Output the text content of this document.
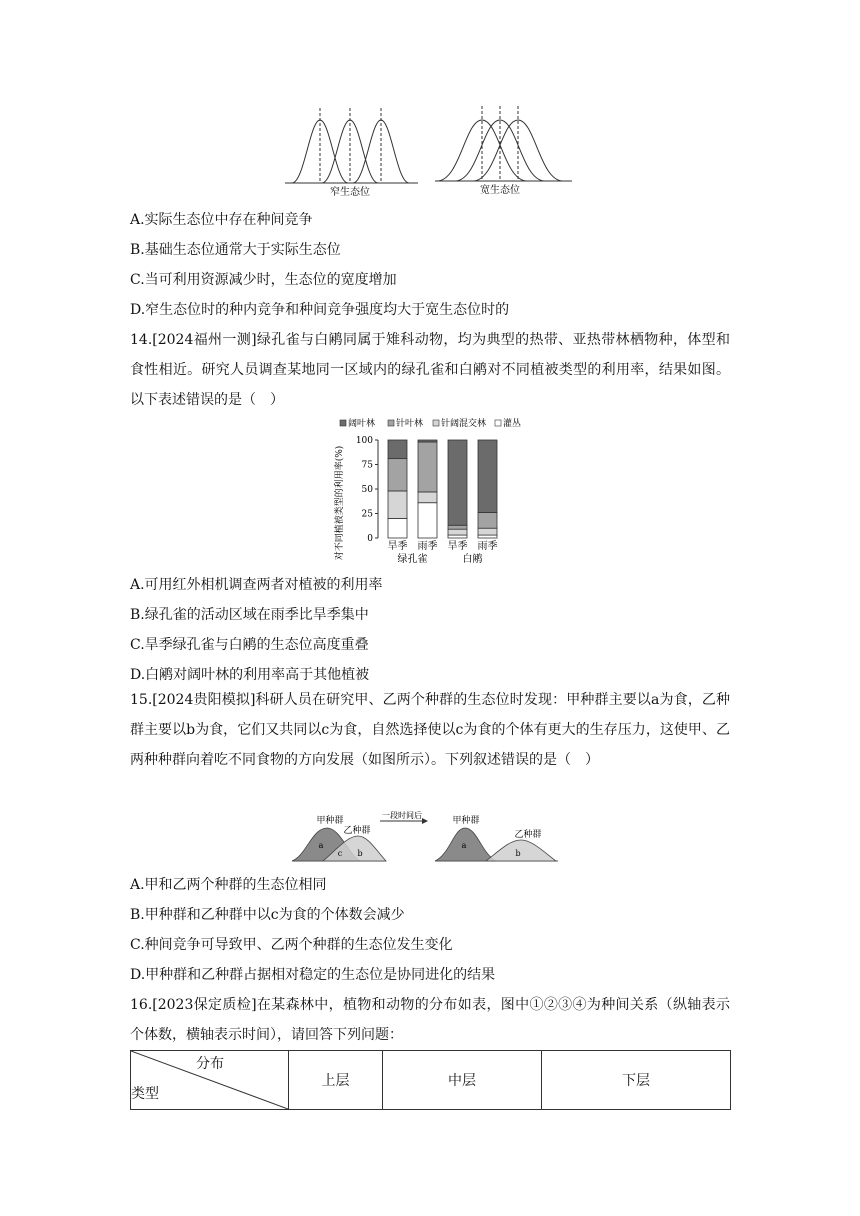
窄生态位	宽生态位
A.实际生态位中存在种间竞争
B.基础生态位通常大于实际生态位
C.当可利用资源减少时，生态位的宽度增加
D.窄生态位时的种内竞争和种间竞争强度均大于宽生态位时的
14.[2024福州一测]绿孔雀与白鹇同属于雉科动物，均为典型的热带、亚热带林栖物种，体型和食性相近。研究人员调查某地同一区域内的绿孔雀和白鹇对不同植被类型的利用率，结果如图。以下表述错误的是（　）
阔叶林 针叶林 针阔混交林 灌丛
对不同植被类型的利用率(%) 0
25
50
75
100
旱季 雨季 旱季 雨季
绿孔雀	白鹇
A.可用红外相机调查两者对植被的利用率
B.绿孔雀的活动区域在雨季比旱季集中
C.旱季绿孔雀与白鹇的生态位高度重叠
D.白鹇对阔叶林的利用率高于其他植被
15.[2024贵阳模拟]科研人员在研究甲、乙两个种群的生态位时发现：甲种群主要以a为食，乙种群主要以b为食，它们又共同以c为食，自然选择使以c为食的个体有更大的生存压力，这使甲、乙两种种群向着吃不同食物的方向发展（如图所示）。下列叙述错误的是（　）
甲种群
乙种群
a
c b
一段时间后
甲种群
乙种群
a
b
A.甲和乙两个种群的生态位相同
B.甲种群和乙种群中以c为食的个体数会减少
C.种间竞争可导致甲、乙两个种群的生态位发生变化
D.甲种群和乙种群占据相对稳定的生态位是协同进化的结果
16.[2023保定质检]在某森林中，植物和动物的分布如表，图中①②③④为种间关系（纵轴表示个体数，横轴表示时间），请回答下列问题：
分布
类型
	上层	中层	下层
